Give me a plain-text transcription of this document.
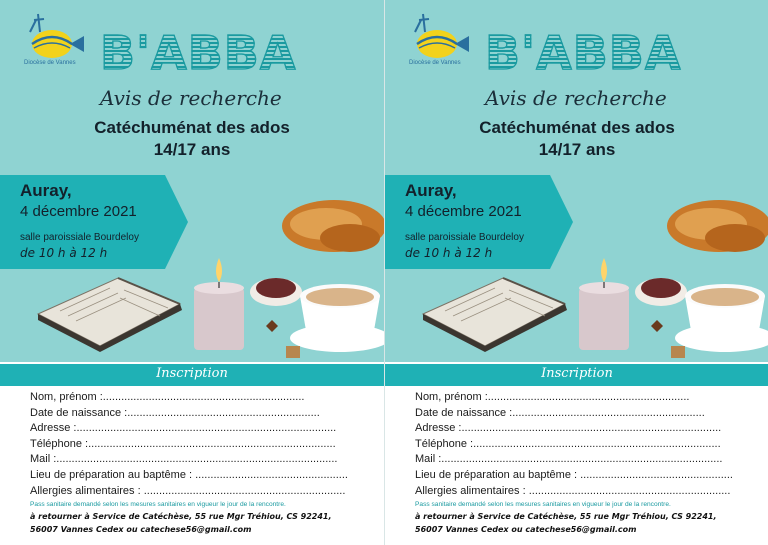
Diocèse de Vannes B'ABBA
Avis de recherche
Catéchuménat des ados
14/17 ans
Auray,
4 décembre 2021
salle paroissiale Bourdeloy
de 10 h à 12 h
Inscription
Nom, prénom :..................................................................
Date de naissance :...............................................................
Adresse :.....................................................................................
Téléphone :.................................................................................
Mail :............................................................................................
Lieu de préparation au baptême : ..................................................
Allergies alimentaires : ..................................................................
Pass sanitaire demandé selon les mesures sanitaires en vigueur le jour de la rencontre.
à retourner à Service de Catéchèse, 55 rue Mgr Tréhiou, CS 92241,
56007 Vannes Cedex ou catechese56@gmail.com
Diocèse de Vannes B'ABBA
Avis de recherche
Catéchuménat des ados
14/17 ans
Auray,
4 décembre 2021
salle paroissiale Bourdeloy
de 10 h à 12 h
Inscription
Nom, prénom :..................................................................
Date de naissance :...............................................................
Adresse :.....................................................................................
Téléphone :.................................................................................
Mail :............................................................................................
Lieu de préparation au baptême : ..................................................
Allergies alimentaires : ..................................................................
Pass sanitaire demandé selon les mesures sanitaires en vigueur le jour de la rencontre.
à retourner à Service de Catéchèse, 55 rue Mgr Tréhiou, CS 92241,
56007 Vannes Cedex ou catechese56@gmail.com
